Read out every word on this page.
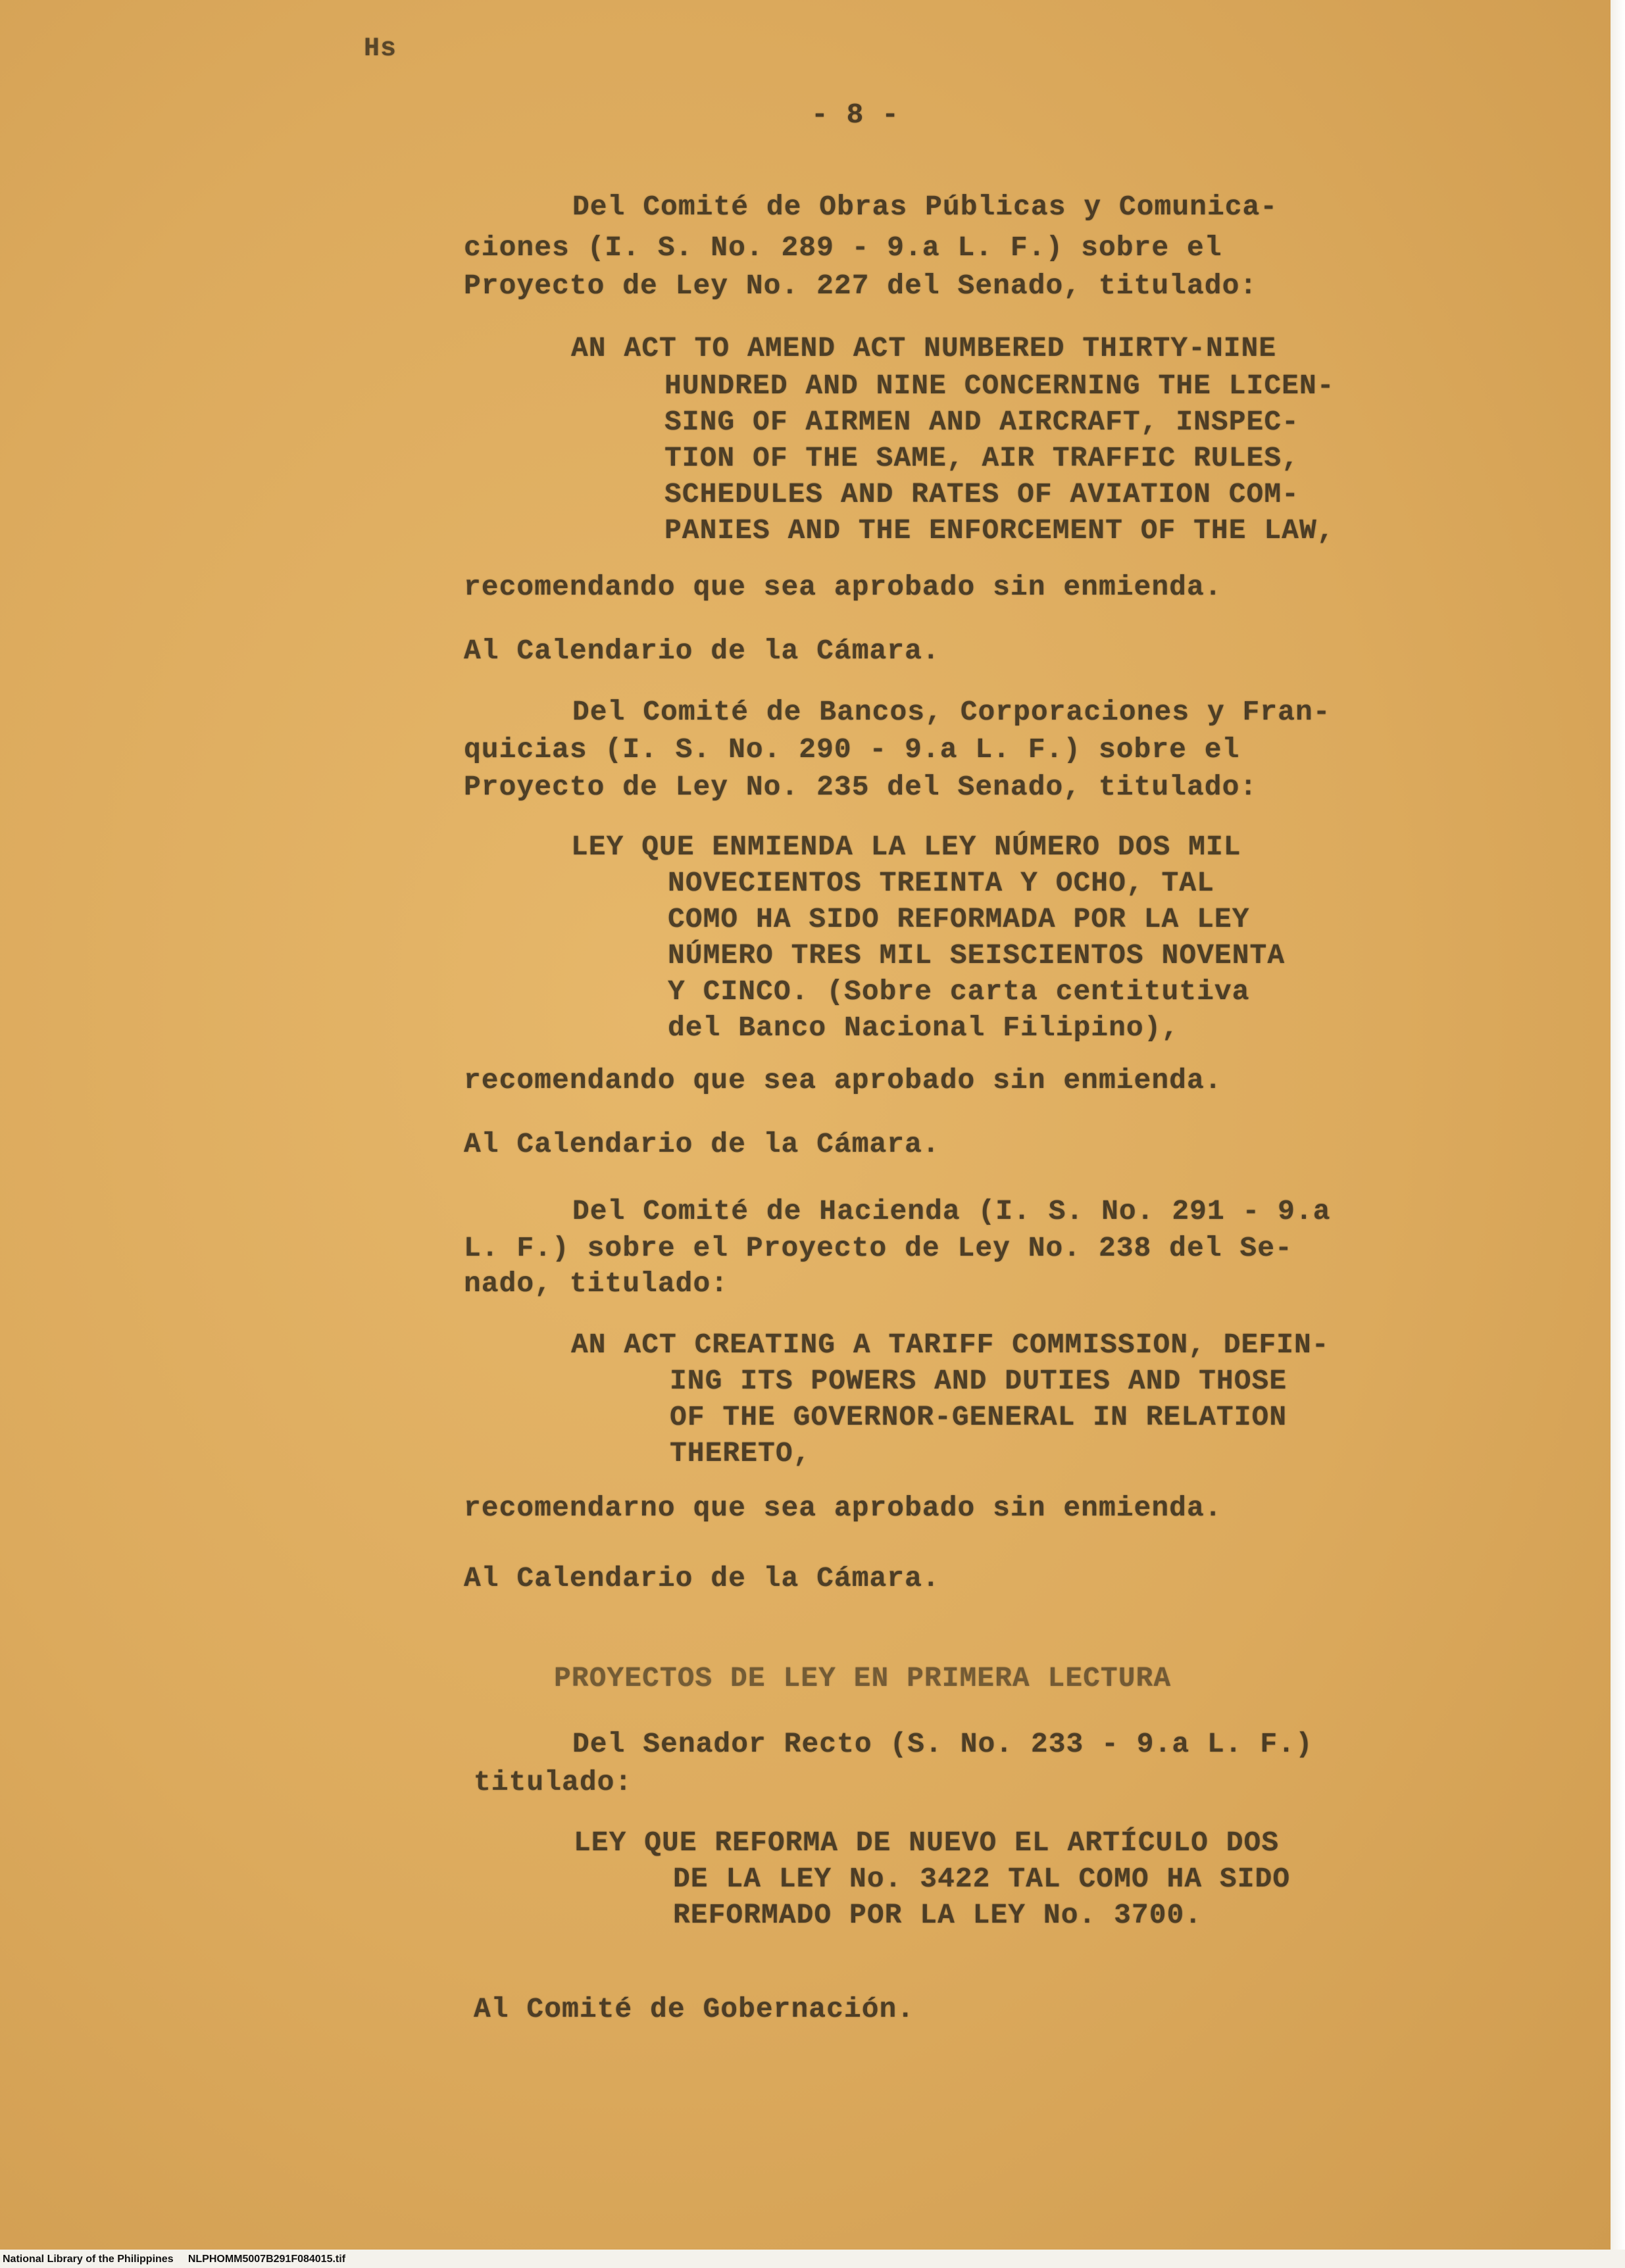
Hs
- 8 -
Del Comité de Obras Públicas y Comunica-
ciones (I. S. No. 289 - 9.a L. F.) sobre el
Proyecto de Ley No. 227 del Senado, titulado:
AN ACT TO AMEND ACT NUMBERED THIRTY-NINE
HUNDRED AND NINE CONCERNING THE LICEN-
SING OF AIRMEN AND AIRCRAFT, INSPEC-
TION OF THE SAME, AIR TRAFFIC RULES,
SCHEDULES AND RATES OF AVIATION COM-
PANIES AND THE ENFORCEMENT OF THE LAW,
recomendando que sea aprobado sin enmienda.
Al Calendario de la Cámara.
Del Comité de Bancos, Corporaciones y Fran-
quicias (I. S. No. 290 - 9.a L. F.) sobre el
Proyecto de Ley No. 235 del Senado, titulado:
LEY QUE ENMIENDA LA LEY NÚMERO DOS MIL
NOVECIENTOS TREINTA Y OCHO, TAL
COMO HA SIDO REFORMADA POR LA LEY
NÚMERO TRES MIL SEISCIENTOS NOVENTA
Y CINCO. (Sobre carta centitutiva
del Banco Nacional Filipino),
recomendando que sea aprobado sin enmienda.
Al Calendario de la Cámara.
Del Comité de Hacienda (I. S. No. 291 - 9.a
L. F.) sobre el Proyecto de Ley No. 238 del Se-
nado, titulado:
AN ACT CREATING A TARIFF COMMISSION, DEFIN-
ING ITS POWERS AND DUTIES AND THOSE
OF THE GOVERNOR-GENERAL IN RELATION
THERETO,
recomendarno que sea aprobado sin enmienda.
Al Calendario de la Cámara.
PROYECTOS DE LEY EN PRIMERA LECTURA
Del Senador Recto (S. No. 233 - 9.a L. F.)
titulado:
LEY QUE REFORMA DE NUEVO EL ARTÍCULO DOS
DE LA LEY No. 3422 TAL COMO HA SIDO
REFORMADO POR LA LEY No. 3700.
Al Comité de Gobernación.
National Library of the Philippines     NLPHOMM5007B291F084015.tif
